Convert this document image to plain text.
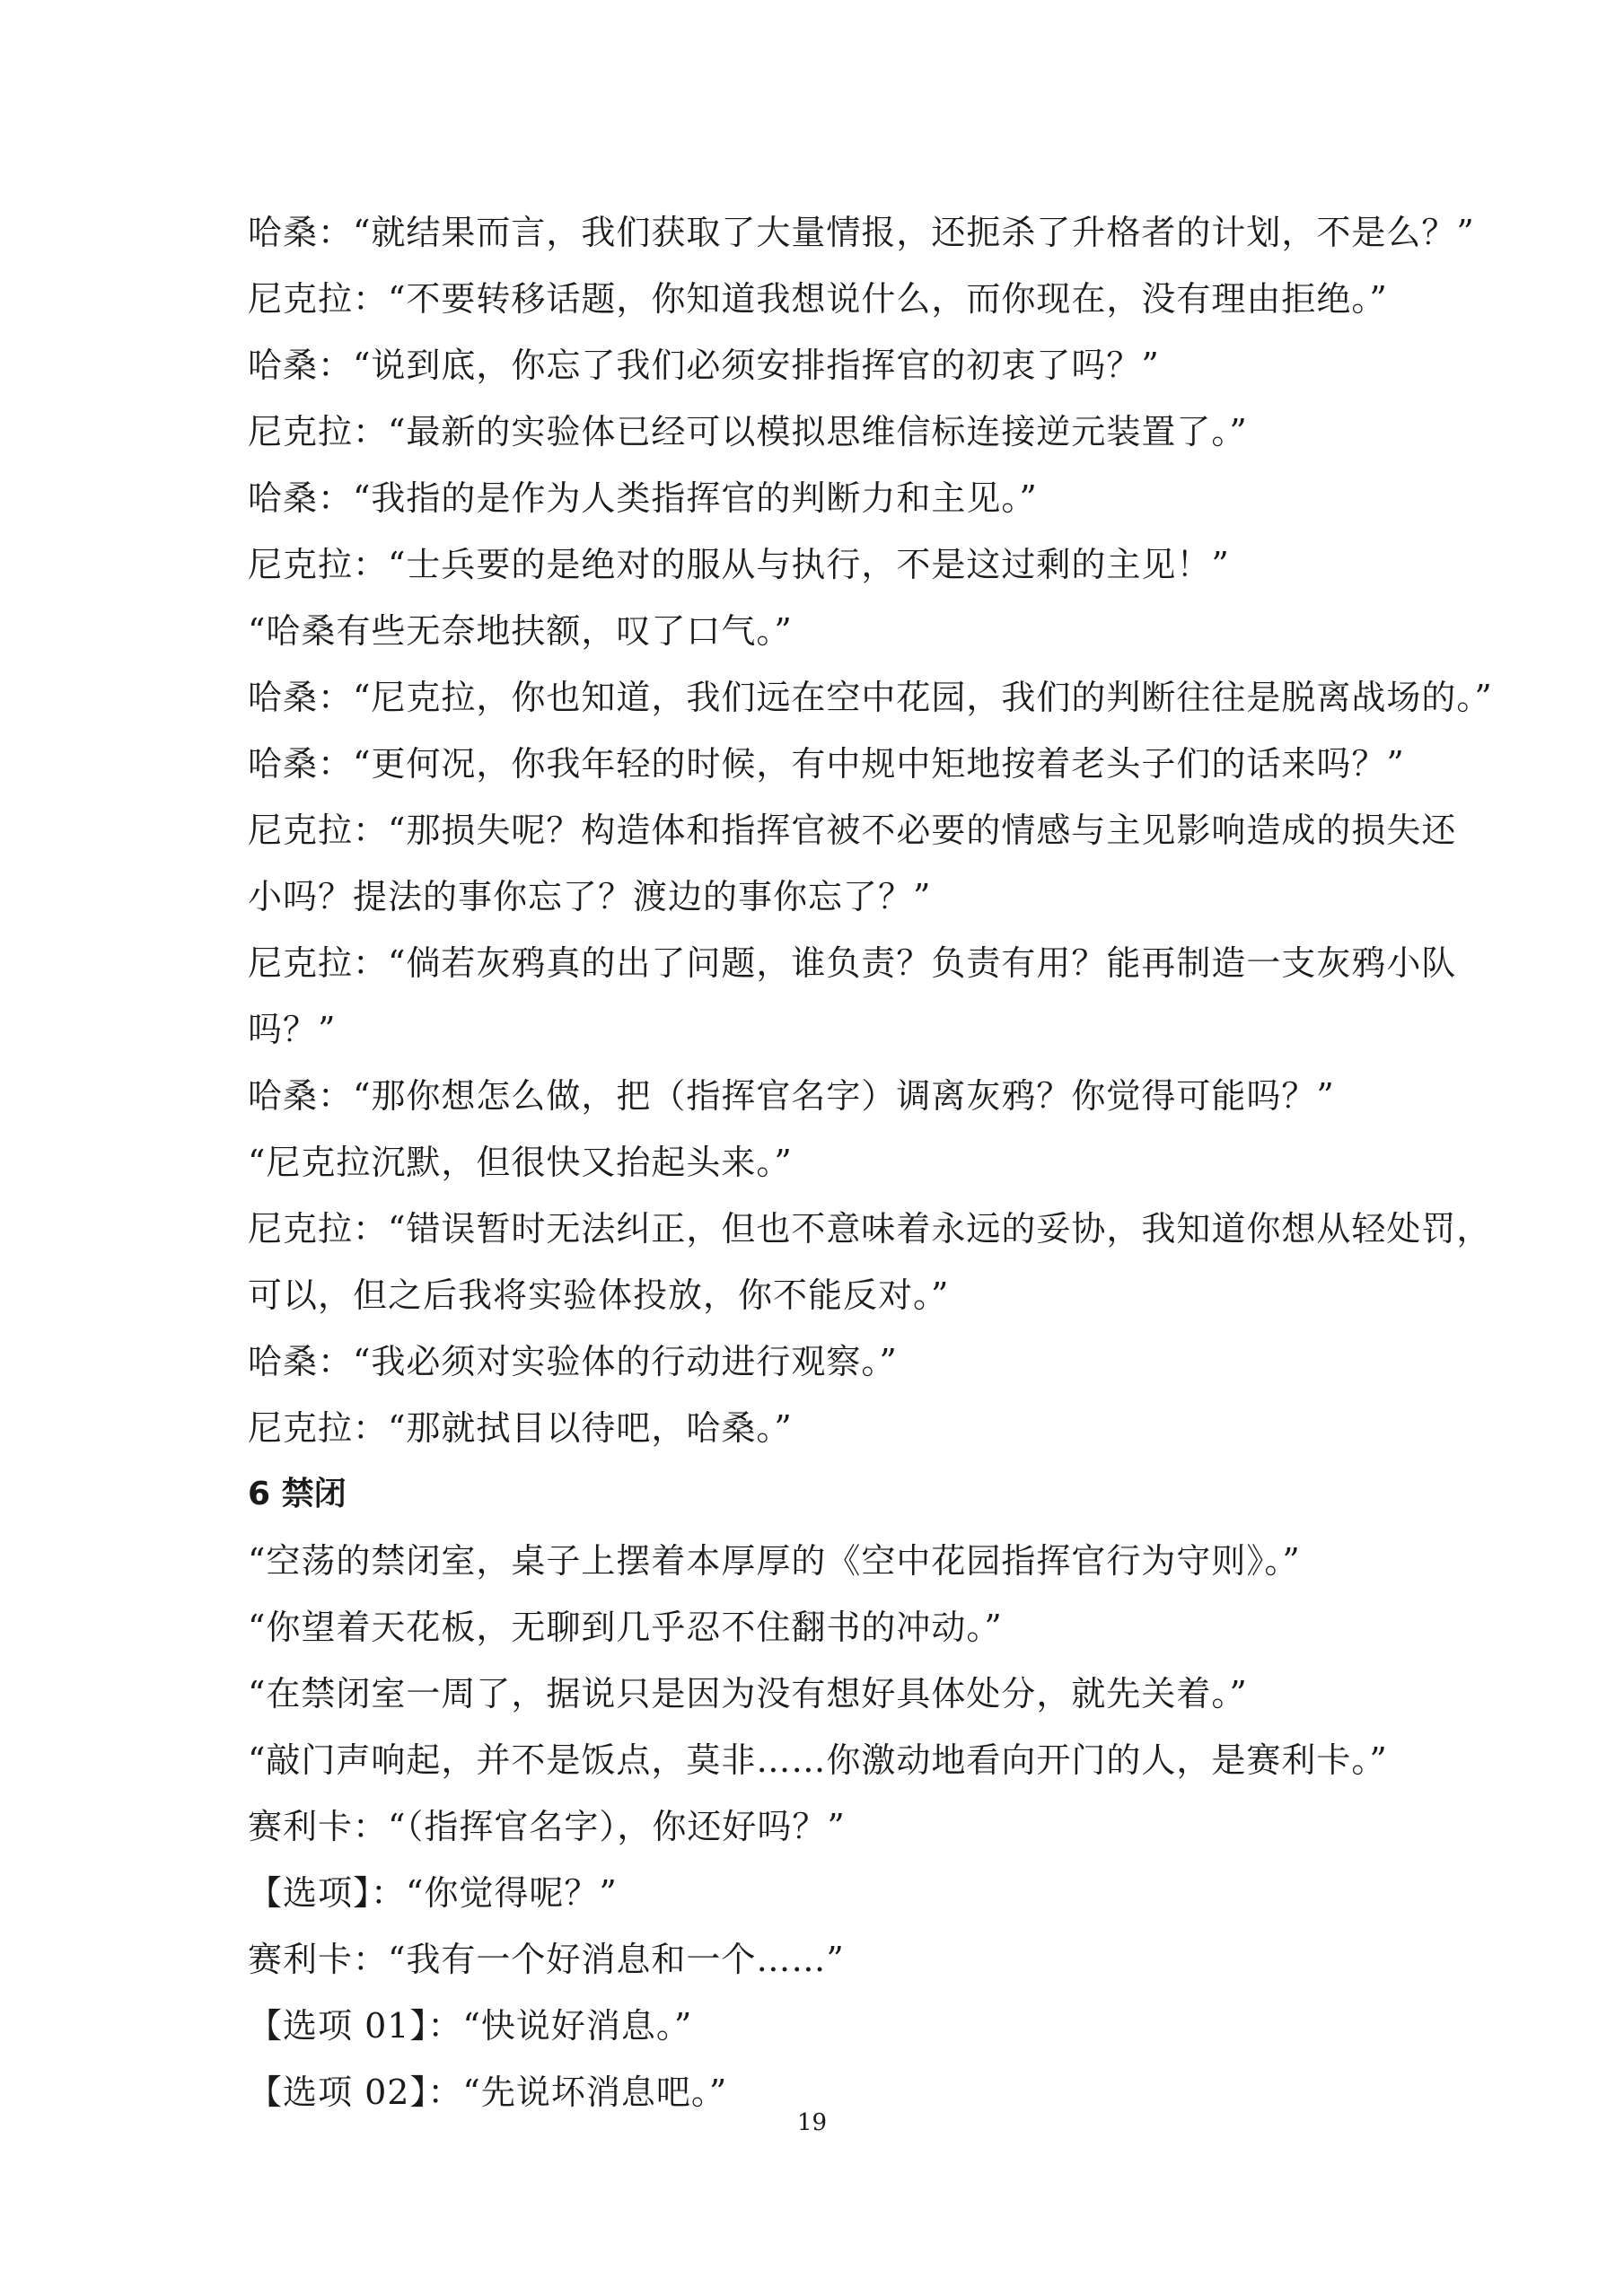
哈桑：“就结果而言，我们获取了大量情报，还扼杀了升格者的计划，不是么？”
尼克拉：“不要转移话题，你知道我想说什么，而你现在，没有理由拒绝。”
哈桑：“说到底，你忘了我们必须安排指挥官的初衷了吗？”
尼克拉：“最新的实验体已经可以模拟思维信标连接逆元装置了。”
哈桑：“我指的是作为人类指挥官的判断力和主见。”
尼克拉：“士兵要的是绝对的服从与执行，不是这过剩的主见！”
“哈桑有些无奈地扶额，叹了口气。”
哈桑：“尼克拉，你也知道，我们远在空中花园，我们的判断往往是脱离战场的。”
哈桑：“更何况，你我年轻的时候，有中规中矩地按着老头子们的话来吗？”
尼克拉：“那损失呢？构造体和指挥官被不必要的情感与主见影响造成的损失还
小吗？提法的事你忘了？渡边的事你忘了？”
尼克拉：“倘若灰鸦真的出了问题，谁负责？负责有用？能再制造一支灰鸦小队
吗？”
哈桑：“那你想怎么做，把（指挥官名字）调离灰鸦？你觉得可能吗？”
“尼克拉沉默，但很快又抬起头来。”
尼克拉：“错误暂时无法纠正，但也不意味着永远的妥协，我知道你想从轻处罚，
可以，但之后我将实验体投放，你不能反对。”
哈桑：“我必须对实验体的行动进行观察。”
尼克拉：“那就拭目以待吧，哈桑。”
6 禁闭
“空荡的禁闭室，桌子上摆着本厚厚的《空中花园指挥官行为守则》。”
“你望着天花板，无聊到几乎忍不住翻书的冲动。”
“在禁闭室一周了，据说只是因为没有想好具体处分，就先关着。”
“敲门声响起，并不是饭点，莫非……你激动地看向开门的人，是赛利卡。”
赛利卡：“（指挥官名字），你还好吗？”
【选项】：“你觉得呢？”
赛利卡：“我有一个好消息和一个……”
【选项 01】：“快说好消息。”
【选项 02】：“先说坏消息吧。”
19
